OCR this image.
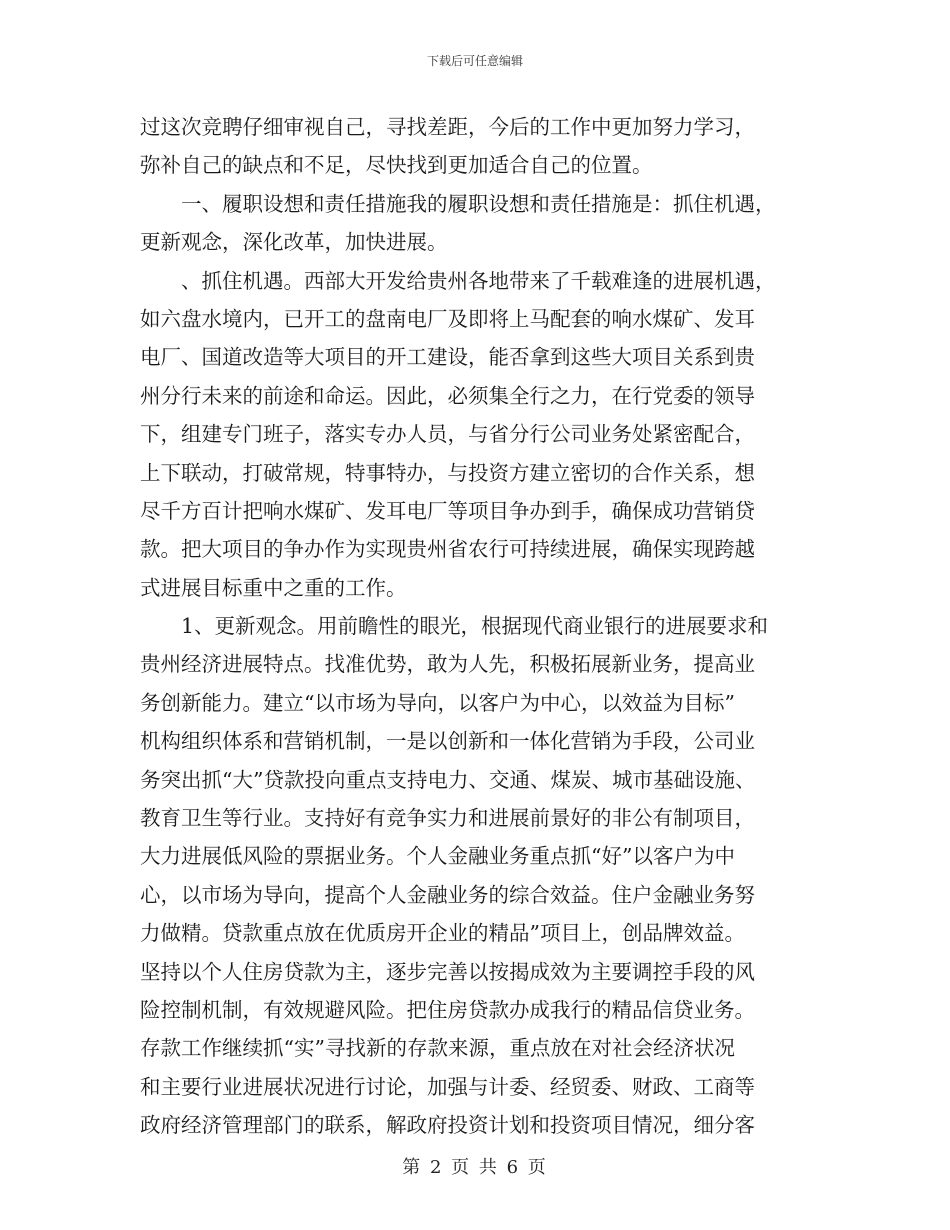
下载后可任意编辑
过这次竞聘仔细审视自己，寻找差距，今后的工作中更加努力学习，
弥补自己的缺点和不足，尽快找到更加适合自己的位置。
　　一、履职设想和责任措施我的履职设想和责任措施是：抓住机遇，
更新观念，深化改革，加快进展。
　　、抓住机遇。西部大开发给贵州各地带来了千载难逢的进展机遇，
如六盘水境内，已开工的盘南电厂及即将上马配套的响水煤矿、发耳
电厂、国道改造等大项目的开工建设，能否拿到这些大项目关系到贵
州分行未来的前途和命运。因此，必须集全行之力，在行党委的领导
下，组建专门班子，落实专办人员，与省分行公司业务处紧密配合，
上下联动，打破常规，特事特办，与投资方建立密切的合作关系，想
尽千方百计把响水煤矿、发耳电厂等项目争办到手，确保成功营销贷
款。把大项目的争办作为实现贵州省农行可持续进展，确保实现跨越
式进展目标重中之重的工作。
　　1、更新观念。用前瞻性的眼光，根据现代商业银行的进展要求和
贵州经济进展特点。找准优势，敢为人先，积极拓展新业务，提高业
务创新能力。建立“以市场为导向，以客户为中心，以效益为目标”
机构组织体系和营销机制，一是以创新和一体化营销为手段，公司业
务突出抓“大”贷款投向重点支持电力、交通、煤炭、城市基础设施、
教育卫生等行业。支持好有竞争实力和进展前景好的非公有制项目，
大力进展低风险的票据业务。个人金融业务重点抓“好”以客户为中
心，以市场为导向，提高个人金融业务的综合效益。住户金融业务努
力做精。贷款重点放在优质房开企业的精品”项目上，创品牌效益。
坚持以个人住房贷款为主，逐步完善以按揭成效为主要调控手段的风
险控制机制，有效规避风险。把住房贷款办成我行的精品信贷业务。
存款工作继续抓“实”寻找新的存款来源，重点放在对社会经济状况
和主要行业进展状况进行讨论，加强与计委、经贸委、财政、工商等
政府经济管理部门的联系，解政府投资计划和投资项目情况，细分客
第 2 页 共 6 页
